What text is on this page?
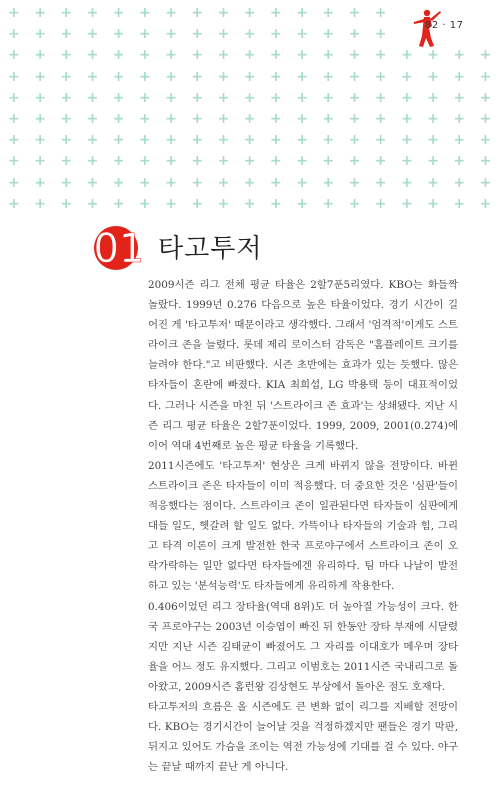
+ + + + + + + + + + + + + + +
+ + + + + + + + + + + + + + +
+ + + + + + + + + + + + + + + + + + +
+ + + + + + + + + + + + + + + + + + +
+ + + + + + + + + + + + + + + + + + +
+ + + + + + + + + + + + + + + + + + +
+ + + + + + + + + + + + + + + + + + +
+ + + + + + + + + + + + + + + + + + +
+ + + + + + + + + + + + + + + + + + +
+ + + + + + + + + + + + + + + + + + +
82 · 17
01 타고투저

2009시즌 리그 전체 평균 타율은 2할7푼5리였다. KBO는 화들짝 놀랐다. 1999년 0.276 다음으로 높은 타율이었다. 경기 시간이 길어진 게 '타고투저' 때문이라고 생각했다. 그래서 '엄격적'이게도 스트라이크 존을 늘렸다. 롯데 제리 로이스터 감독은 "홈플레이트 크기를 늘려야 한다."고 비판했다. 시즌 초반에는 효과가 있는 듯했다. 많은 타자들이 혼란에 빠졌다. KIA 최희섭, LG 박용택 등이 대표적이었다. 그러나 시즌을 마친 뒤 '스트라이크 존 효과'는 상쇄됐다. 지난 시즌 리그 평균 타율은 2할7푼이었다. 1999, 2009, 2001(0.274)에 이어 역대 4번째로 높은 평균 타율을 기록했다.

2011시즌에도 '타고투저' 현상은 크게 바뀌지 않을 전망이다. 바뀐 스트라이크 존은 타자들이 이미 적응했다. 더 중요한 것은 '심판'들이 적응했다는 점이다. 스트라이크 존이 일관된다면 타자들이 심판에게 대들 일도, 헷갈려 할 일도 없다. 가뜩이나 타자들의 기술과 힘, 그리고 타격 이론이 크게 발전한 한국 프로야구에서 스트라이크 존이 오락가락하는 일만 없다면 타자들에겐 유리하다. 팀 마다 나날이 발전하고 있는 '분석능력'도 타자들에게 유리하게 작용한다.

0.406이었던 리그 장타율(역대 8위)도 더 높아질 가능성이 크다. 한국 프로야구는 2003년 이승엽이 빠진 뒤 한동안 장타 부재에 시달렸지만 지난 시즌 김태균이 빠졌어도 그 자리를 이대호가 메우며 장타율을 어느 정도 유지했다. 그리고 이범호는 2011시즌 국내리그로 돌아왔고, 2009시즌 홈런왕 김상현도 부상에서 돌아온 점도 호재다.

타고투저의 흐름은 올 시즌에도 큰 변화 없이 리그를 지배할 전망이다. KBO는 경기시간이 늘어날 것을 걱정하겠지만 팬들은 경기 막판, 뒤지고 있어도 가슴을 조이는 역전 가능성에 기대를 걸 수 있다. 야구는 끝날 때까지 끝난 게 아니다.
